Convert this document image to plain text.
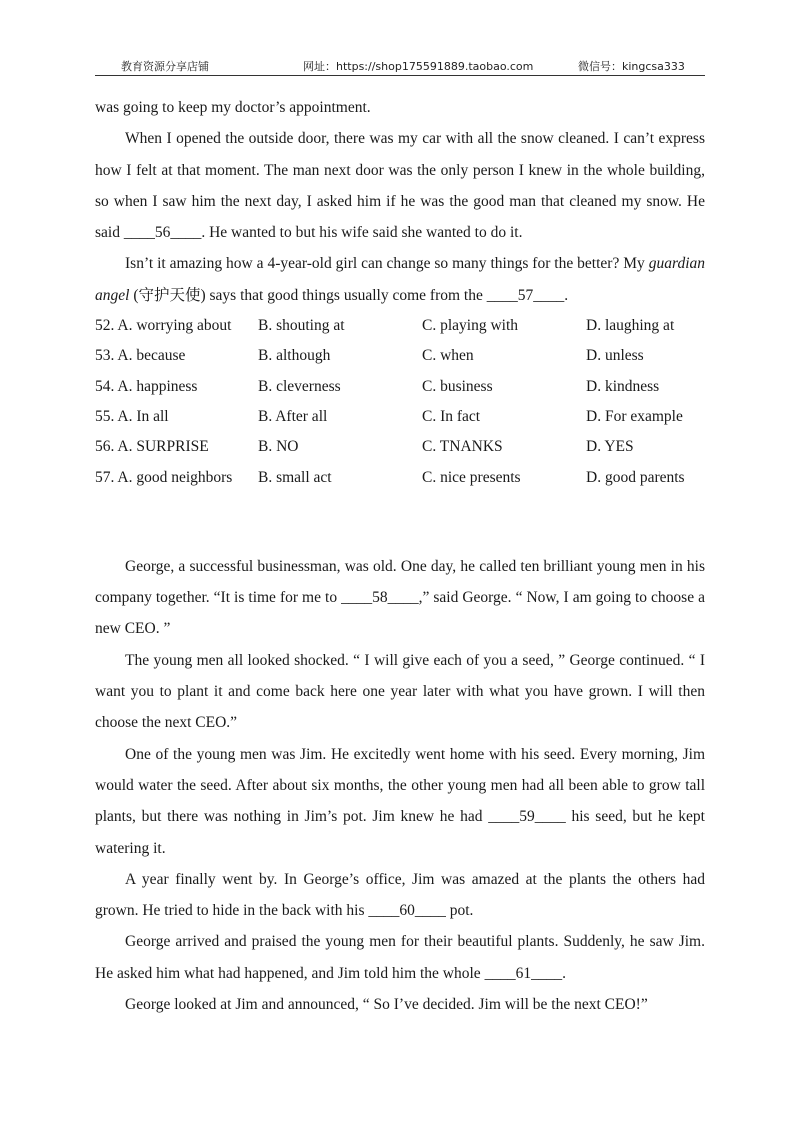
教育资源分享店铺	网址：https://shop175591889.taobao.com	微信号：kingcsa333
was going to keep my doctor’s appointment.
When I opened the outside door, there was my car with all the snow cleaned. I can’t express how I felt at that moment. The man next door was the only person I knew in the whole building, so when I saw him the next day, I asked him if he was the good man that cleaned my snow. He said ____56____. He wanted to but his wife said she wanted to do it.
Isn’t it amazing how a 4-year-old girl can change so many things for the better? My guardian angel (守护天使) says that good things usually come from the ____57____.
52. A. worrying about	B. shouting at	C. playing with	D. laughing at
53. A. because	B. although	C. when	D. unless
54. A. happiness	B. cleverness	C. business	D. kindness
55. A. In all	B. After all	C. In fact	D. For example
56. A. SURPRISE	B. NO	C. TNANKS	D. YES
57. A. good neighbors	B. small act	C. nice presents	D. good parents
George, a successful businessman, was old. One day, he called ten brilliant young men in his company together. “It is time for me to ____58____,” said George. “ Now, I am going to choose a new CEO. ”
The young men all looked shocked. “ I will give each of you a seed, ” George continued. “ I want you to plant it and come back here one year later with what you have grown. I will then choose the next CEO.”
One of the young men was Jim. He excitedly went home with his seed. Every morning, Jim would water the seed. After about six months, the other young men had all been able to grow tall plants, but there was nothing in Jim’s pot. Jim knew he had ____59____ his seed, but he kept watering it.
A year finally went by. In George’s office, Jim was amazed at the plants the others had grown. He tried to hide in the back with his ____60____ pot.
George arrived and praised the young men for their beautiful plants. Suddenly, he saw Jim. He asked him what had happened, and Jim told him the whole ____61____.
George looked at Jim and announced, “ So I’ve decided. Jim will be the next CEO!”
